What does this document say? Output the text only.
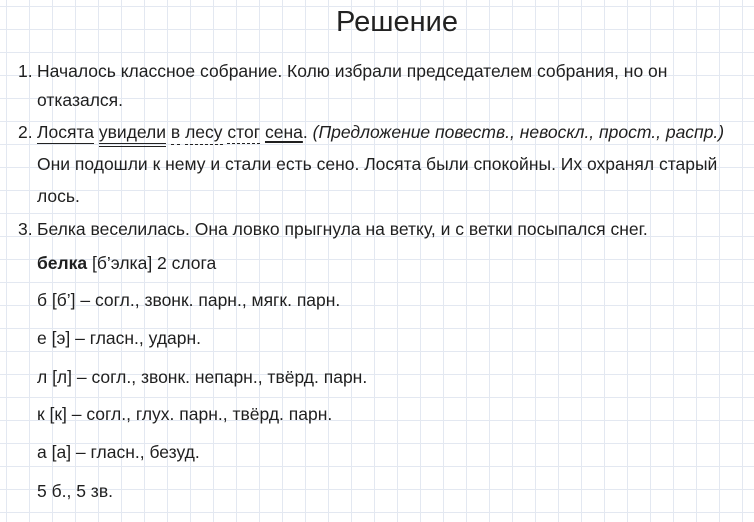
Решение
1. Началось классное собрание. Колю избрали председателем собрания, но он
отказался.
2. Лосята увидели в лесу стог сена. (Предложение повеств., невоскл., прост., распр.)
Они подошли к нему и стали есть сено. Лосята были спокойны. Их охранял старый
лось.
3. Белка веселилась. Она ловко прыгнула на ветку, и с ветки посыпался снег.
белка [б’элка] 2 слога
б [б’] – согл., звонк. парн., мягк. парн.
е [э] – гласн., ударн.
л [л] – согл., звонк. непарн., твёрд. парн.
к [к] – согл., глух. парн., твёрд. парн.
а [а] – гласн., безуд.
5 б., 5 зв.
